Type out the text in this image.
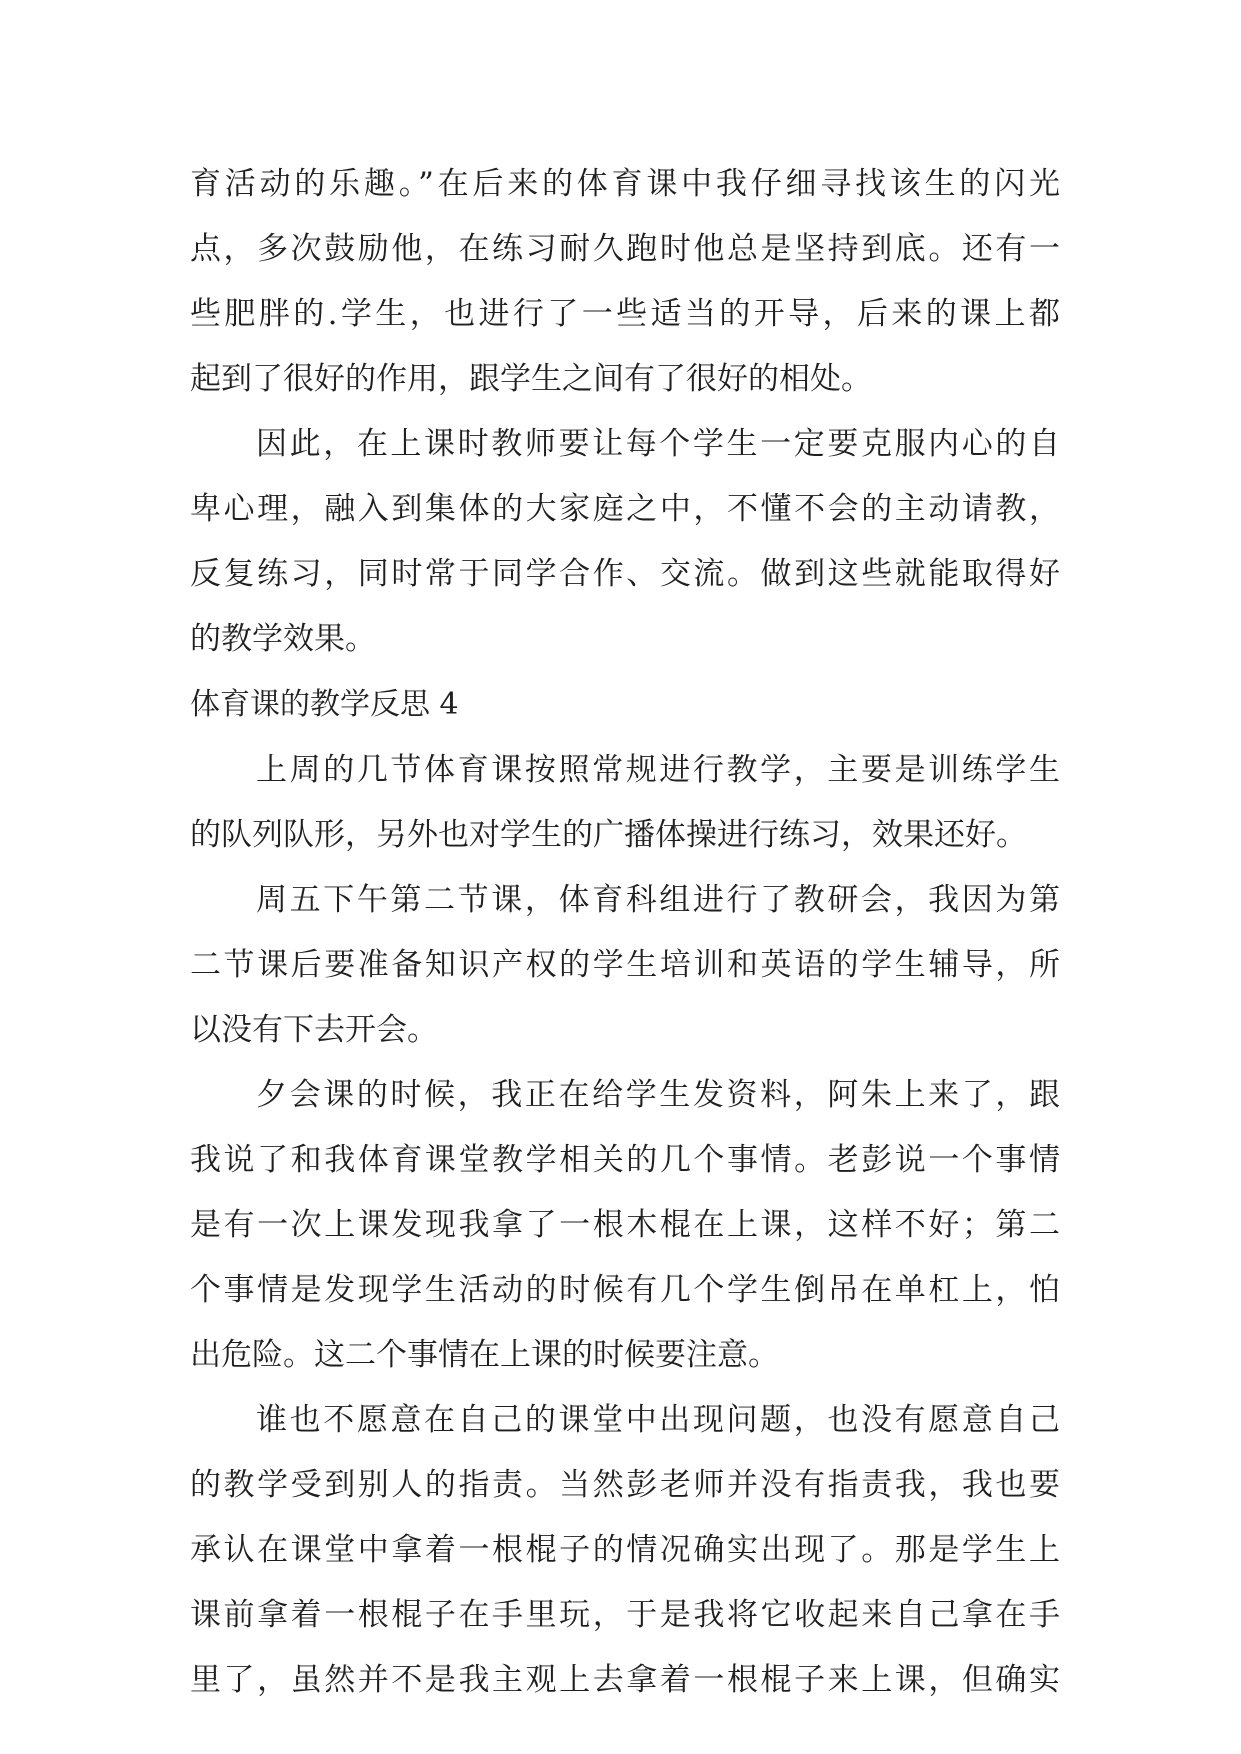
育活动的乐趣。”在后来的体育课中我仔细寻找该生的闪光
点，多次鼓励他，在练习耐久跑时他总是坚持到底。还有一
些肥胖的.学生，也进行了一些适当的开导，后来的课上都
起到了很好的作用，跟学生之间有了很好的相处。
因此，在上课时教师要让每个学生一定要克服内心的自
卑心理，融入到集体的大家庭之中，不懂不会的主动请教，
反复练习，同时常于同学合作、交流。做到这些就能取得好
的教学效果。
体育课的教学反思 4
上周的几节体育课按照常规进行教学，主要是训练学生
的队列队形，另外也对学生的广播体操进行练习，效果还好。
周五下午第二节课，体育科组进行了教研会，我因为第
二节课后要准备知识产权的学生培训和英语的学生辅导，所
以没有下去开会。
夕会课的时候，我正在给学生发资料，阿朱上来了，跟
我说了和我体育课堂教学相关的几个事情。老彭说一个事情
是有一次上课发现我拿了一根木棍在上课，这样不好；第二
个事情是发现学生活动的时候有几个学生倒吊在单杠上，怕
出危险。这二个事情在上课的时候要注意。
谁也不愿意在自己的课堂中出现问题，也没有愿意自己
的教学受到别人的指责。当然彭老师并没有指责我，我也要
承认在课堂中拿着一根棍子的情况确实出现了。那是学生上
课前拿着一根棍子在手里玩，于是我将它收起来自己拿在手
里了，虽然并不是我主观上去拿着一根棍子来上课，但确实
